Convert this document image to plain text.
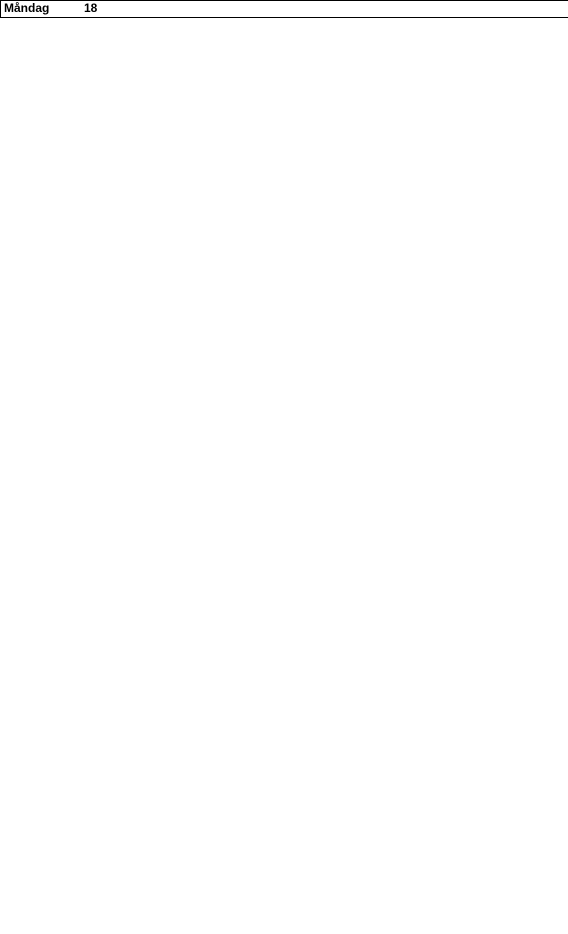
Måndag	18
